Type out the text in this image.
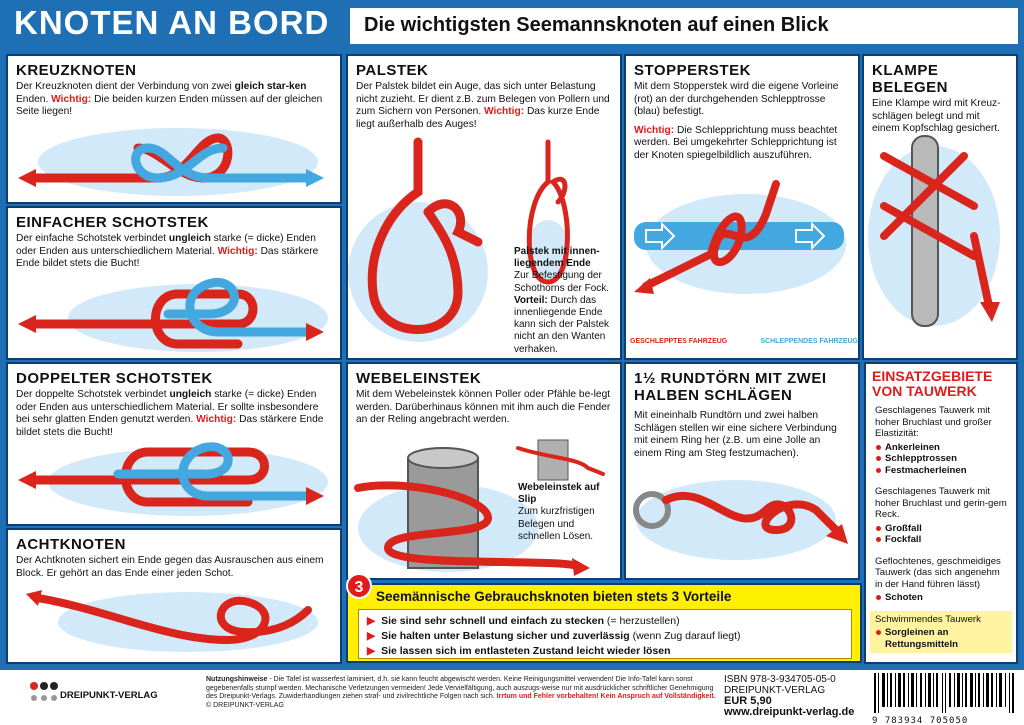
KNOTEN AN BORD	Die wichtigsten Seemannsknoten auf einen Blick
KREUZKNOTEN

Der Kreuzknoten dient der Verbindung von zwei gleich star-ken Enden. Wichtig: Die beiden kurzen Enden müssen auf der gleichen Seite liegen!

EINFACHER SCHOTSTEK

Der einfache Schotstek verbindet ungleich starke (= dicke) Enden oder Enden aus unterschiedlichem Material. Wichtig: Das stärkere Ende bildet stets die Bucht!

DOPPELTER SCHOTSTEK

Der doppelte Schotstek verbindet ungleich starke (= dicke) Enden oder Enden aus unterschiedlichem Material. Er sollte insbesondere bei sehr glatten Enden genutzt werden. Wichtig: Das stärkere Ende bildet stets die Bucht!

ACHTKNOTEN

Der Achtknoten sichert ein Ende gegen das Ausrauschen aus einem Block. Er gehört an das Ende einer jeden Schot.

PALSTEK

Der Palstek bildet ein Auge, das sich unter Belastung nicht zuzieht. Er dient z.B. zum Belegen von Pollern und zum Sichern von Personen. Wichtig: Das kurze Ende liegt außerhalb des Auges!

Palstek mit innen-liegendem Ende
Zur Befestigung der Schothorns der Fock.
Vorteil: Durch das innenliegende Ende kann sich der Palstek nicht an den Wanten verhaken.
STOPPERSTEK

Mit dem Stopperstek wird die eigene Vorleine (rot) an der durchgehenden Schlepptrosse (blau) befestigt.

Wichtig: Die Schlepprichtung muss beachtet werden. Bei umgekehrter Schlepprichtung ist der Knoten spiegelbildlich auszuführen.

GESCHLEPPTES FAHRZEUG	SCHLEPPENDES FAHRZEUG
KLAMPE BELEGEN

Eine Klampe wird mit Kreuz-schlägen belegt und mit einem Kopfschlag gesichert.

WEBELEINSTEK

Mit dem Webeleinstek können Poller oder Pfähle be-legt werden. Darüberhinaus können mit ihm auch die Fender an der Reling angebracht werden.

Webeleinstek auf Slip
Zum kurzfristigen Belegen und schnellen Lösen.
1½ RUNDTÖRN MIT ZWEI HALBEN SCHLÄGEN

Mit eineinhalb Rundtörn und zwei halben Schlägen stellen wir eine sichere Verbindung mit einem Ring her (z.B. um eine Jolle an einem Ring am Steg festzumachen).

3
Seemännische Gebrauchsknoten bieten stets 3 Vorteile
▶ Sie sind sehr schnell und einfach zu stecken (= herzustellen)
▶ Sie halten unter Belastung sicher und zuverlässig (wenn Zug darauf liegt)
▶ Sie lassen sich im entlasteten Zustand leicht wieder lösen
EINSATZGEBIETE VON TAUWERK
Geschlagenes Tauwerk mit hoher Bruchlast und großer Elastizität:
Ankerleinen
Schlepptrossen
Festmacherleinen
Geschlagenes Tauwerk mit hoher Bruchlast und gerin-gem Reck.
Großfall
Fockfall
Geflochtenes, geschmeidiges Tauwerk (das sich angenehm in der Hand führen lässt)
Schoten
Schwimmendes Tauwerk
Sorgleinen an Rettungsmitteln
DREIPUNKT-VERLAG
Nutzungshinweise - Die Tafel ist wasserfest laminiert, d.h. sie kann feucht abgewischt werden. Keine Reinigungsmittel verwenden! Die Info-Tafel kann sonst gegebenenfalls stumpf werden. Mechanische Verletzungen vermeiden! Jede Vervielfältigung, auch auszugs-weise nur mit ausdrücklicher schriftlicher Genehmigung des Dreipunkt-Verlags. Zuwiderhandlungen ziehen straf- und zivilrechtliche Folgen nach sich. Irrtum und Fehler vorbehalten! Kein Anspruch auf Vollständigkeit. © DREIPUNKT-VERLAG
ISBN 978-3-934705-05-0
DREIPUNKT-VERLAG
EUR 5,90
www.dreipunkt-verlag.de
9 783934 705050
